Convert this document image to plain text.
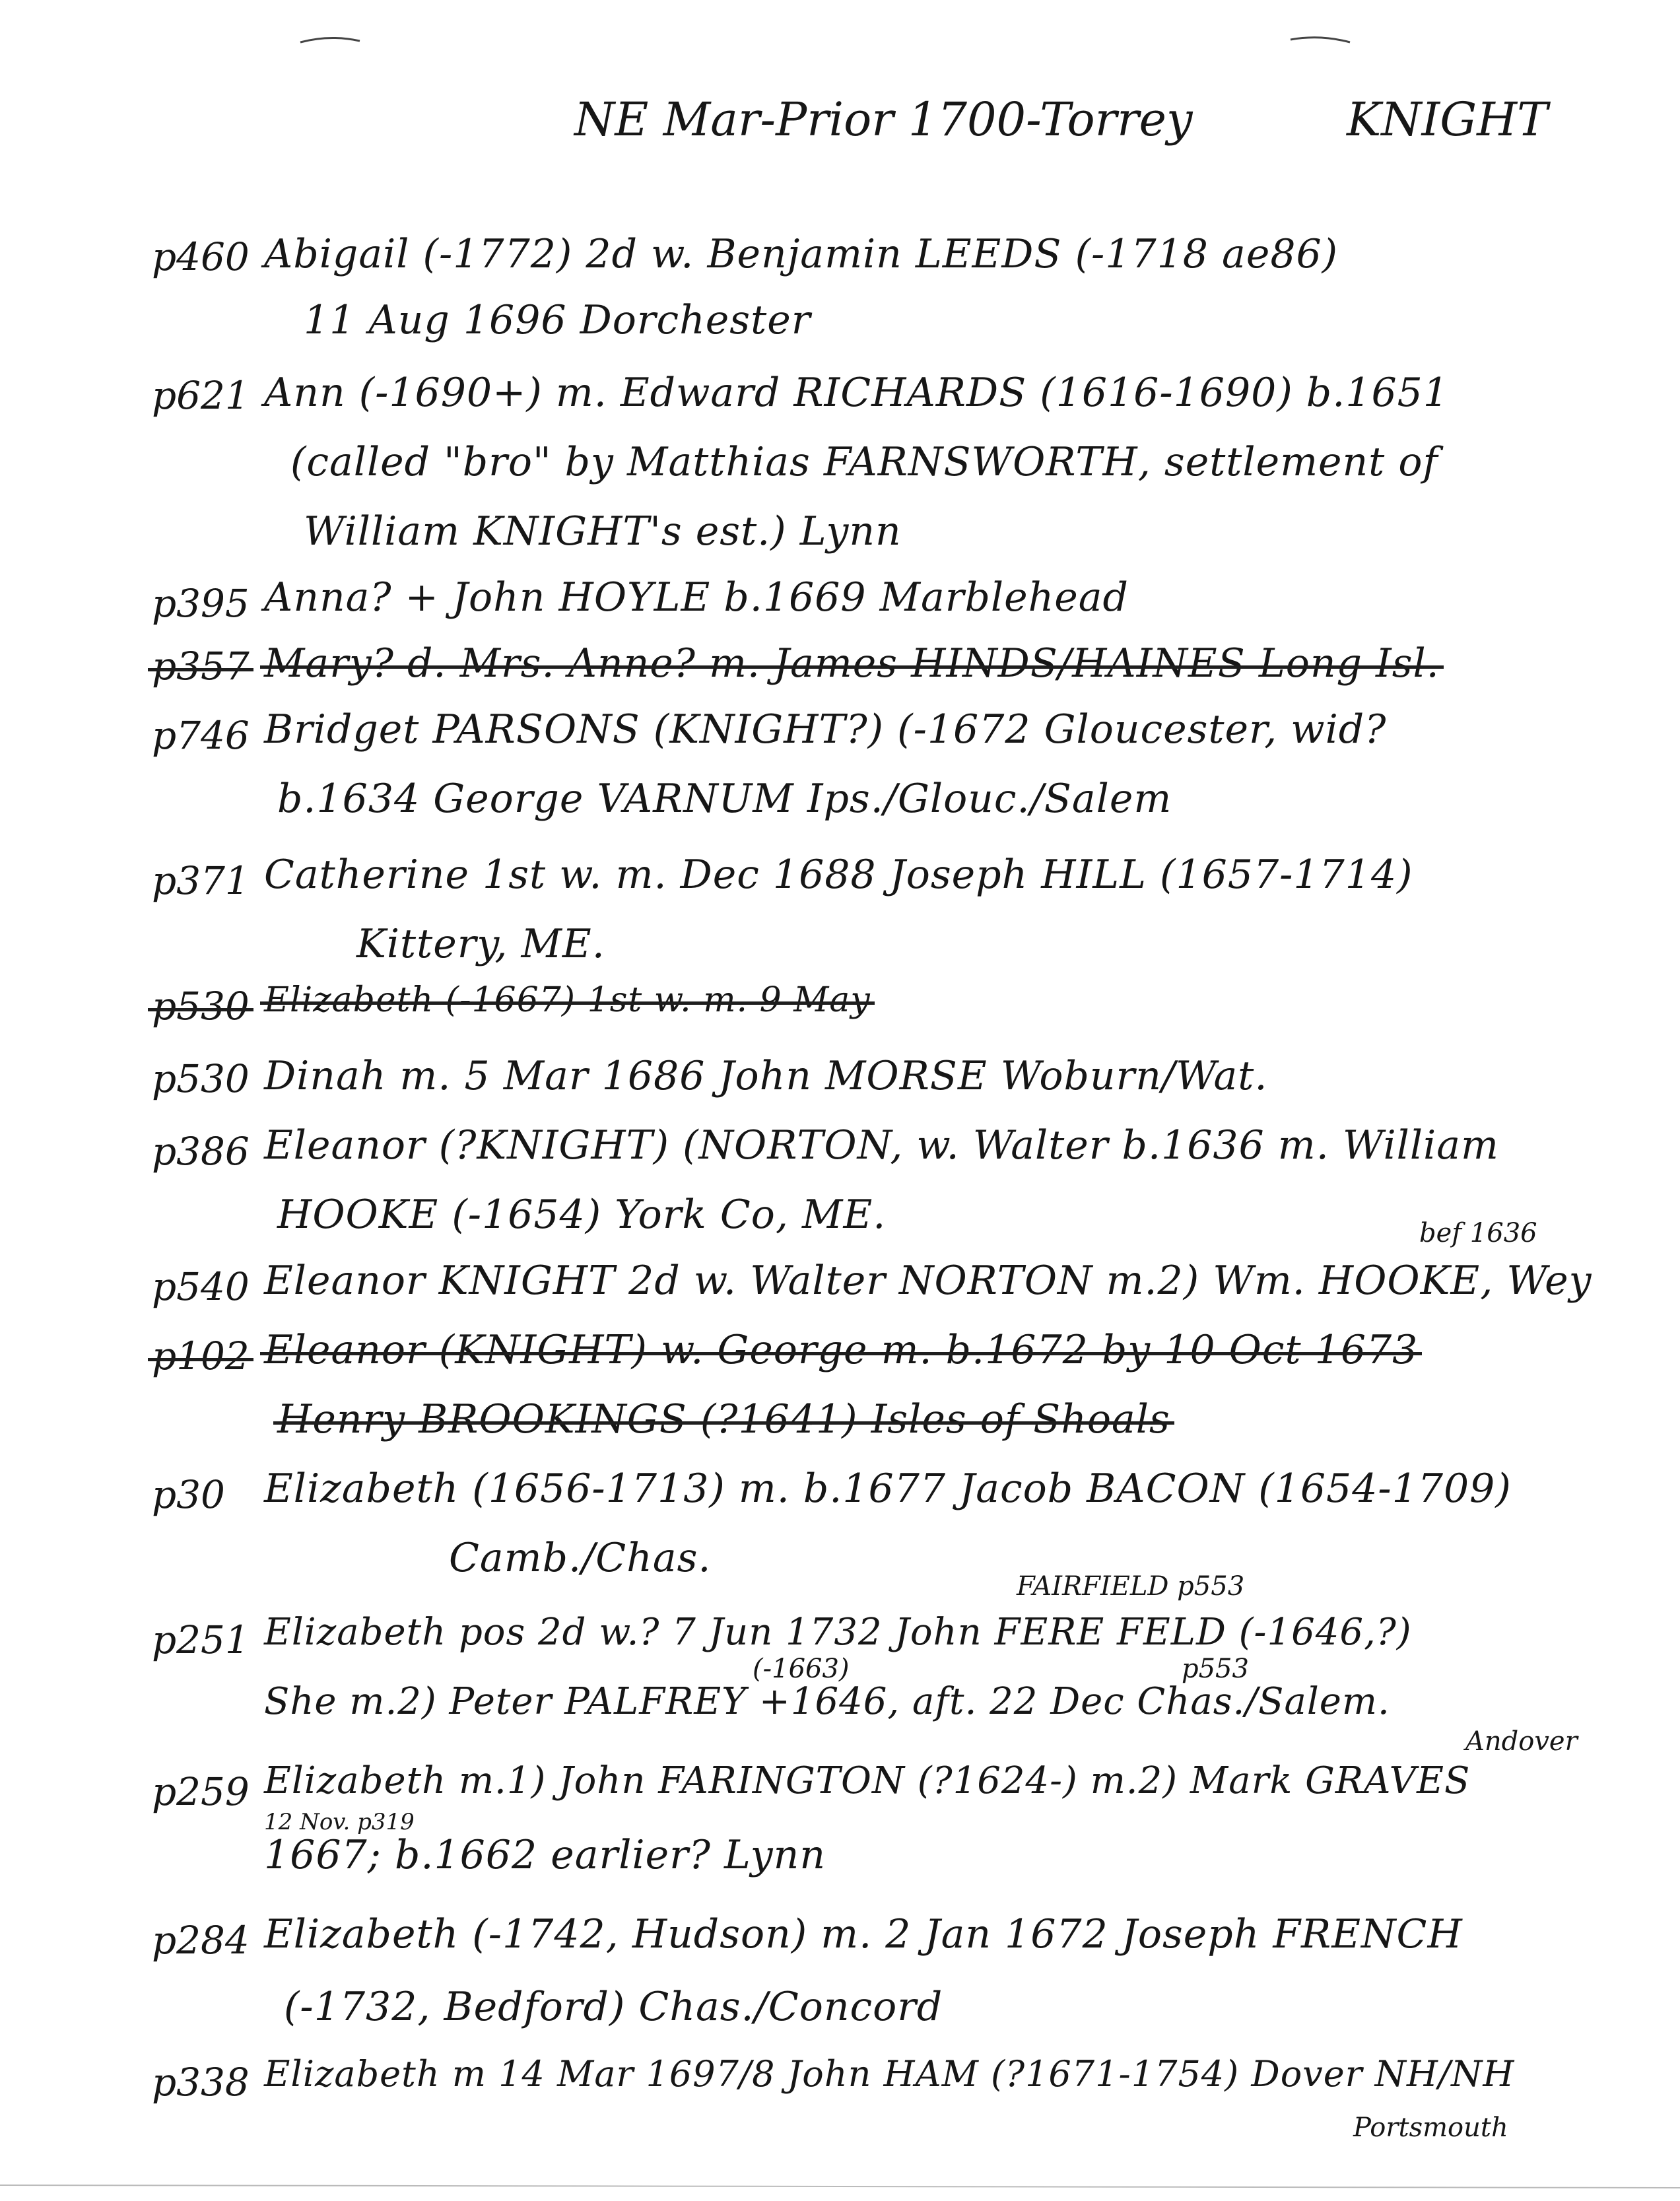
NE Mar-Prior 1700-Torrey	KNIGHT
p460 Abigail (-1772) 2d w. Benjamin LEEDS (-1718 ae86)
11 Aug 1696 Dorchester
p621 Ann (-1690+) m. Edward RICHARDS (1616-1690) b.1651
(called "bro" by Matthias FARNSWORTH, settlement of
William KNIGHT's est.) Lynn
p395 Anna? + John HOYLE b.1669 Marblehead
p357 Mary? d. Mrs. Anne? m. James HINDS/HAINES Long Isl.
p746 Bridget PARSONS (KNIGHT?) (-1672 Gloucester, wid?
b.1634 George VARNUM Ips./Glouc./Salem
p371 Catherine 1st w. m. Dec 1688 Joseph HILL (1657-1714)
Kittery, ME.
p530 Elizabeth (-1667) 1st w. m. 9 May
p530 Dinah m. 5 Mar 1686 John MORSE Woburn/Wat.
p386 Eleanor (?KNIGHT) (NORTON, w. Walter b.1636 m. William
HOOKE (-1654) York Co, ME.	bef 1636
p540 Eleanor KNIGHT 2d w. Walter NORTON m.2) Wm. HOOKE, Wey
p102 Eleanor (KNIGHT) w. George m. b.1672 by 10 Oct 1673
Henry BROOKINGS (?1641) Isles of Shoals
p30 Elizabeth (1656-1713) m. b.1677 Jacob BACON (1654-1709)
Camb./Chas.
FAIRFIELD p553
p251 Elizabeth pos 2d w.? 7 Jun 1732 John FERE FELD (-1646,?)
(-1663)	p553
She m.2) Peter PALFREY +1646, aft. 22 Dec Chas./Salem.
Andover
p259 Elizabeth m.1) John FARINGTON (?1624-) m.2) Mark GRAVES
12 Nov. p319
1667; b.1662 earlier? Lynn
p284 Elizabeth (-1742, Hudson) m. 2 Jan 1672 Joseph FRENCH
(-1732, Bedford) Chas./Concord
p338 Elizabeth m 14 Mar 1697/8 John HAM (?1671-1754) Dover NH/NH
Portsmouth
